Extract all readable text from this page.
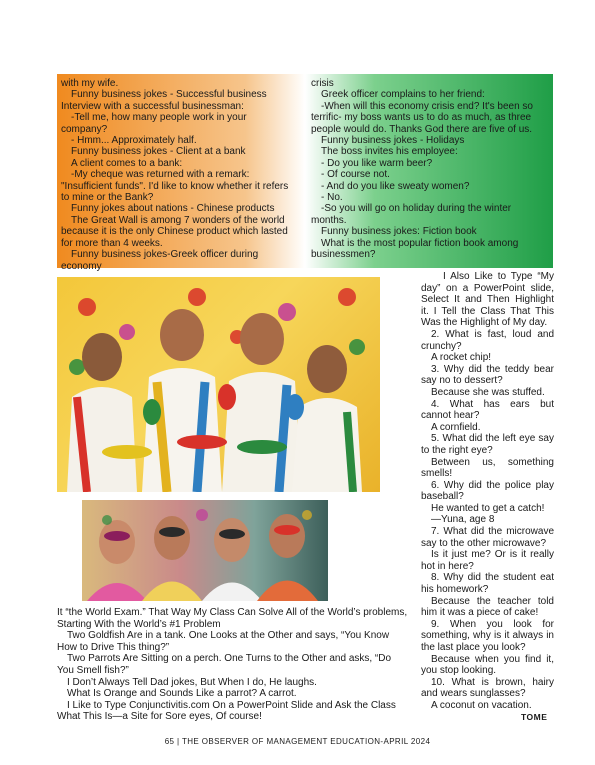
with my wife.

Funny business jokes - Successful business Interview with a successful businessman:

-Tell me, how many people work in your company?

- Hmm... Approximately half.

Funny business jokes - Client at a bank

A client comes to a bank:

-My cheque was returned with a remark: "Insufficient funds". I'd like to know whether it refers to mine or the Bank?

Funny jokes about nations - Chinese products

The Great Wall is among 7 wonders of the world because it is the only Chinese product which lasted for more than 4 weeks.

Funny business jokes-Greek officer during economy

crisis

Greek officer complains to her friend:

-When will this economy crisis end? It's been so terrific- my boss wants us to do as much, as three people would do. Thanks God there are five of us.

Funny business jokes - Holidays

The boss invites his employee:

- Do you like warm beer?

- Of course not.

- And do you like sweaty women?

- No.

-So you will go on holiday during the winter months.

Funny business jokes: Fiction book

What is the most popular fiction book among businessmen?

I Also Like to Type “My day” on a PowerPoint slide, Select It and Then Highlight it. I Tell the Class That This Was the Highlight of My day.

2. What is fast, loud and crunchy?

A rocket chip!

3. Why did the teddy bear say no to dessert?

Because she was stuffed.

4. What has ears but cannot hear?

A cornfield.

5. What did the left eye say to the right eye?

Between us, something smells!

6. Why did the police play baseball?

He wanted to get a catch!

—Yuna, age 8

7. What did the microwave say to the other microwave?

Is it just me? Or is it really hot in here?

8. Why did the student eat his homework?

Because the teacher told him it was a piece of cake!

9. When you look for something, why is it always in the last place you look?

Because when you find it, you stop looking.

10. What is brown, hairy and wears sunglasses?

A coconut on vacation.

It “the World Exam.” That Way My Class Can Solve All of the World’s problems, Starting With the World’s #1 Problem

Two Goldfish Are in a tank. One Looks at the Other and says, “You Know How to Drive This thing?”

Two Parrots Are Sitting on a perch. One Turns to the Other and asks, “Do You Smell fish?”

I Don’t Always Tell Dad jokes, But When I do, He laughs.

What Is Orange and Sounds Like a parrot? A carrot.

I Like to Type Conjunctivitis.com On a PowerPoint Slide and Ask the Class What This Is—a Site for Sore eyes, Of course!	TOME
65 | THE OBSERVER OF MANAGEMENT EDUCATION-APRIL 2024
